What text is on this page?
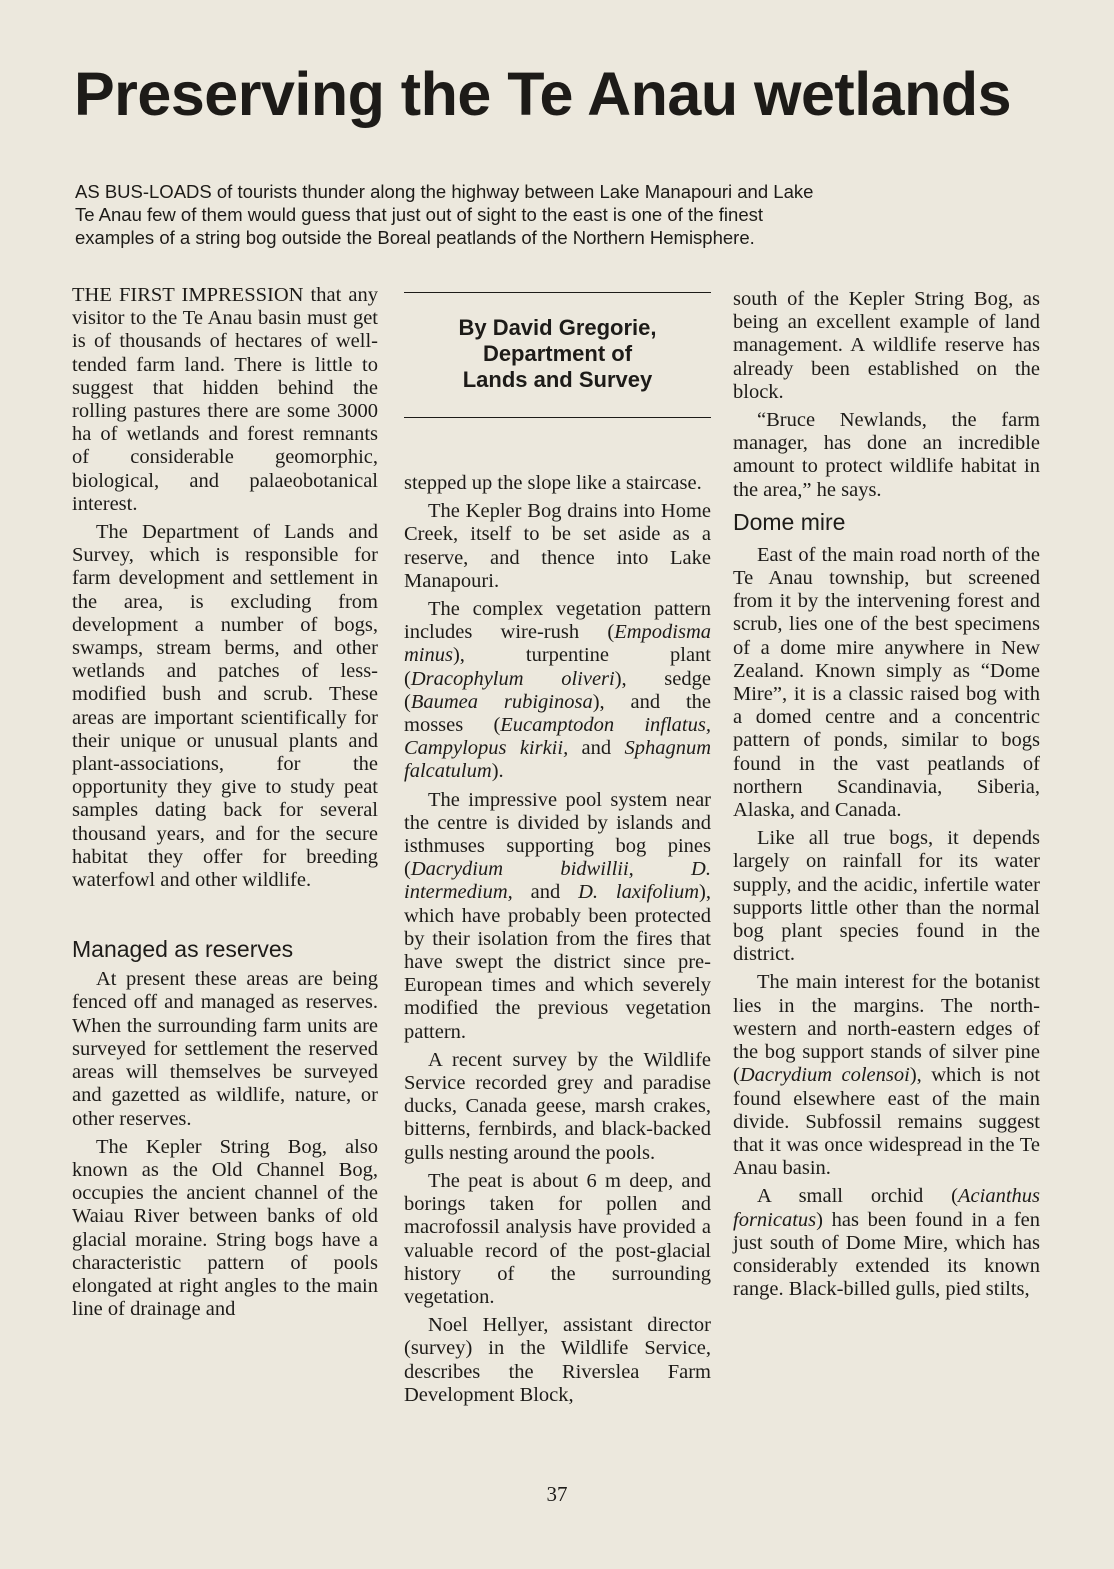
Preserving the Te Anau wetlands

AS BUS-LOADS of tourists thunder along the highway between Lake Manapouri and Lake Te Anau few of them would guess that just out of sight to the east is one of the finest examples of a string bog outside the Boreal peatlands of the Northern Hemisphere.

THE FIRST IMPRESSION that any visitor to the Te Anau basin must get is of thousands of hectares of well-tended farm land. There is little to suggest that hidden behind the rolling pastures there are some 3000 ha of wetlands and forest remnants of considerable geomorphic, biological, and palaeobotanical interest.

The Department of Lands and Survey, which is responsible for farm development and settlement in the area, is excluding from development a number of bogs, swamps, stream berms, and other wetlands and patches of less-modified bush and scrub. These areas are important scientifically for their unique or unusual plants and plant-associations, for the opportunity they give to study peat samples dating back for several thousand years, and for the secure habitat they offer for breeding waterfowl and other wildlife.

Managed as reserves

At present these areas are being fenced off and managed as reserves. When the surrounding farm units are surveyed for settlement the reserved areas will themselves be surveyed and gazetted as wildlife, nature, or other reserves.

The Kepler String Bog, also known as the Old Channel Bog, occupies the ancient channel of the Waiau River between banks of old glacial moraine. String bogs have a characteristic pattern of pools elongated at right angles to the main line of drainage and

By David Gregorie,
Department of
Lands and Survey

stepped up the slope like a staircase.

The Kepler Bog drains into Home Creek, itself to be set aside as a reserve, and thence into Lake Manapouri.

The complex vegetation pattern includes wire-rush (Empodisma minus), turpentine plant (Dracophylum oliveri), sedge (Baumea rubiginosa), and the mosses (Eucamptodon inflatus, Campylopus kirkii, and Sphagnum falcatulum).

The impressive pool system near the centre is divided by islands and isthmuses supporting bog pines (Dacrydium bidwillii, D. intermedium, and D. laxifolium), which have probably been protected by their isolation from the fires that have swept the district since pre-European times and which severely modified the previous vegetation pattern.

A recent survey by the Wildlife Service recorded grey and paradise ducks, Canada geese, marsh crakes, bitterns, fernbirds, and black-backed gulls nesting around the pools.

The peat is about 6 m deep, and borings taken for pollen and macrofossil analysis have provided a valuable record of the post-glacial history of the surrounding vegetation.

Noel Hellyer, assistant director (survey) in the Wildlife Service, describes the Riverslea Farm Development Block,

south of the Kepler String Bog, as being an excellent example of land management. A wildlife reserve has already been established on the block.

“Bruce Newlands, the farm manager, has done an incredible amount to protect wildlife habitat in the area,” he says.

Dome mire

East of the main road north of the Te Anau township, but screened from it by the intervening forest and scrub, lies one of the best specimens of a dome mire anywhere in New Zealand. Known simply as “Dome Mire”, it is a classic raised bog with a domed centre and a concentric pattern of ponds, similar to bogs found in the vast peatlands of northern Scandinavia, Siberia, Alaska, and Canada.

Like all true bogs, it depends largely on rainfall for its water supply, and the acidic, infertile water supports little other than the normal bog plant species found in the district.

The main interest for the botanist lies in the margins. The north-western and north-eastern edges of the bog support stands of silver pine (Dacrydium colensoi), which is not found elsewhere east of the main divide. Subfossil remains suggest that it was once widespread in the Te Anau basin.

A small orchid (Acianthus fornicatus) has been found in a fen just south of Dome Mire, which has considerably extended its known range. Black-billed gulls, pied stilts,

37
